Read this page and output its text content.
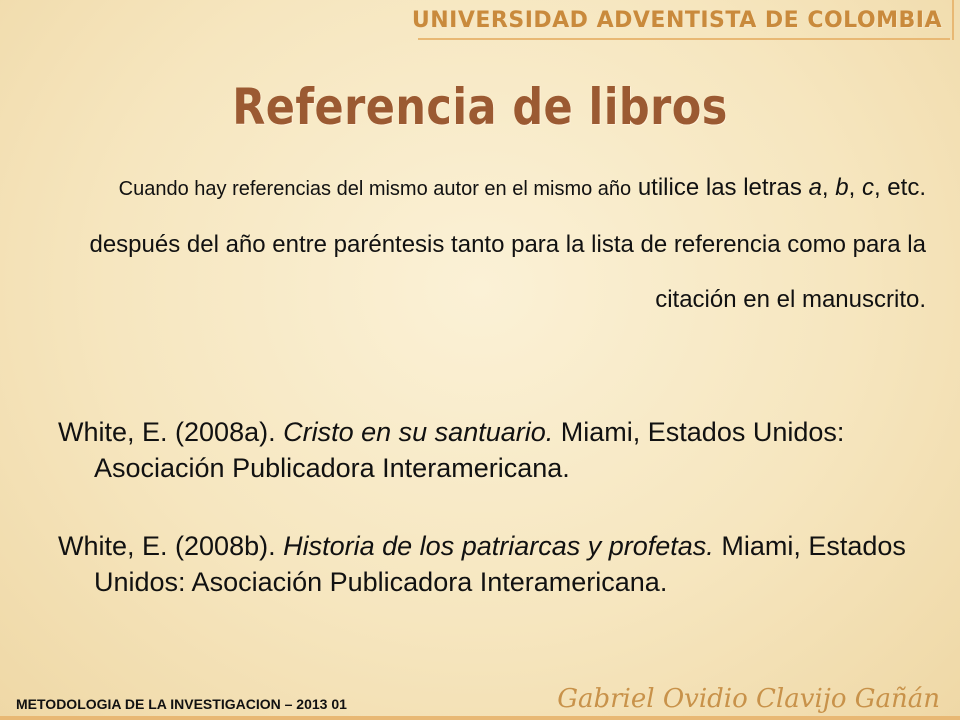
UNIVERSIDAD ADVENTISTA DE COLOMBIA
Referencia de libros
Cuando hay referencias del mismo autor en el mismo año utilice las letras a, b, c, etc. después del año entre paréntesis tanto para la lista de referencia como para la citación en el manuscrito.
White, E. (2008a). Cristo en su santuario. Miami, Estados Unidos: Asociación Publicadora Interamericana.
White, E. (2008b). Historia de los patriarcas y profetas. Miami, Estados Unidos: Asociación Publicadora Interamericana.
METODOLOGIA DE LA INVESTIGACION – 2013 01	Gabriel Ovidio Clavijo Gañán
